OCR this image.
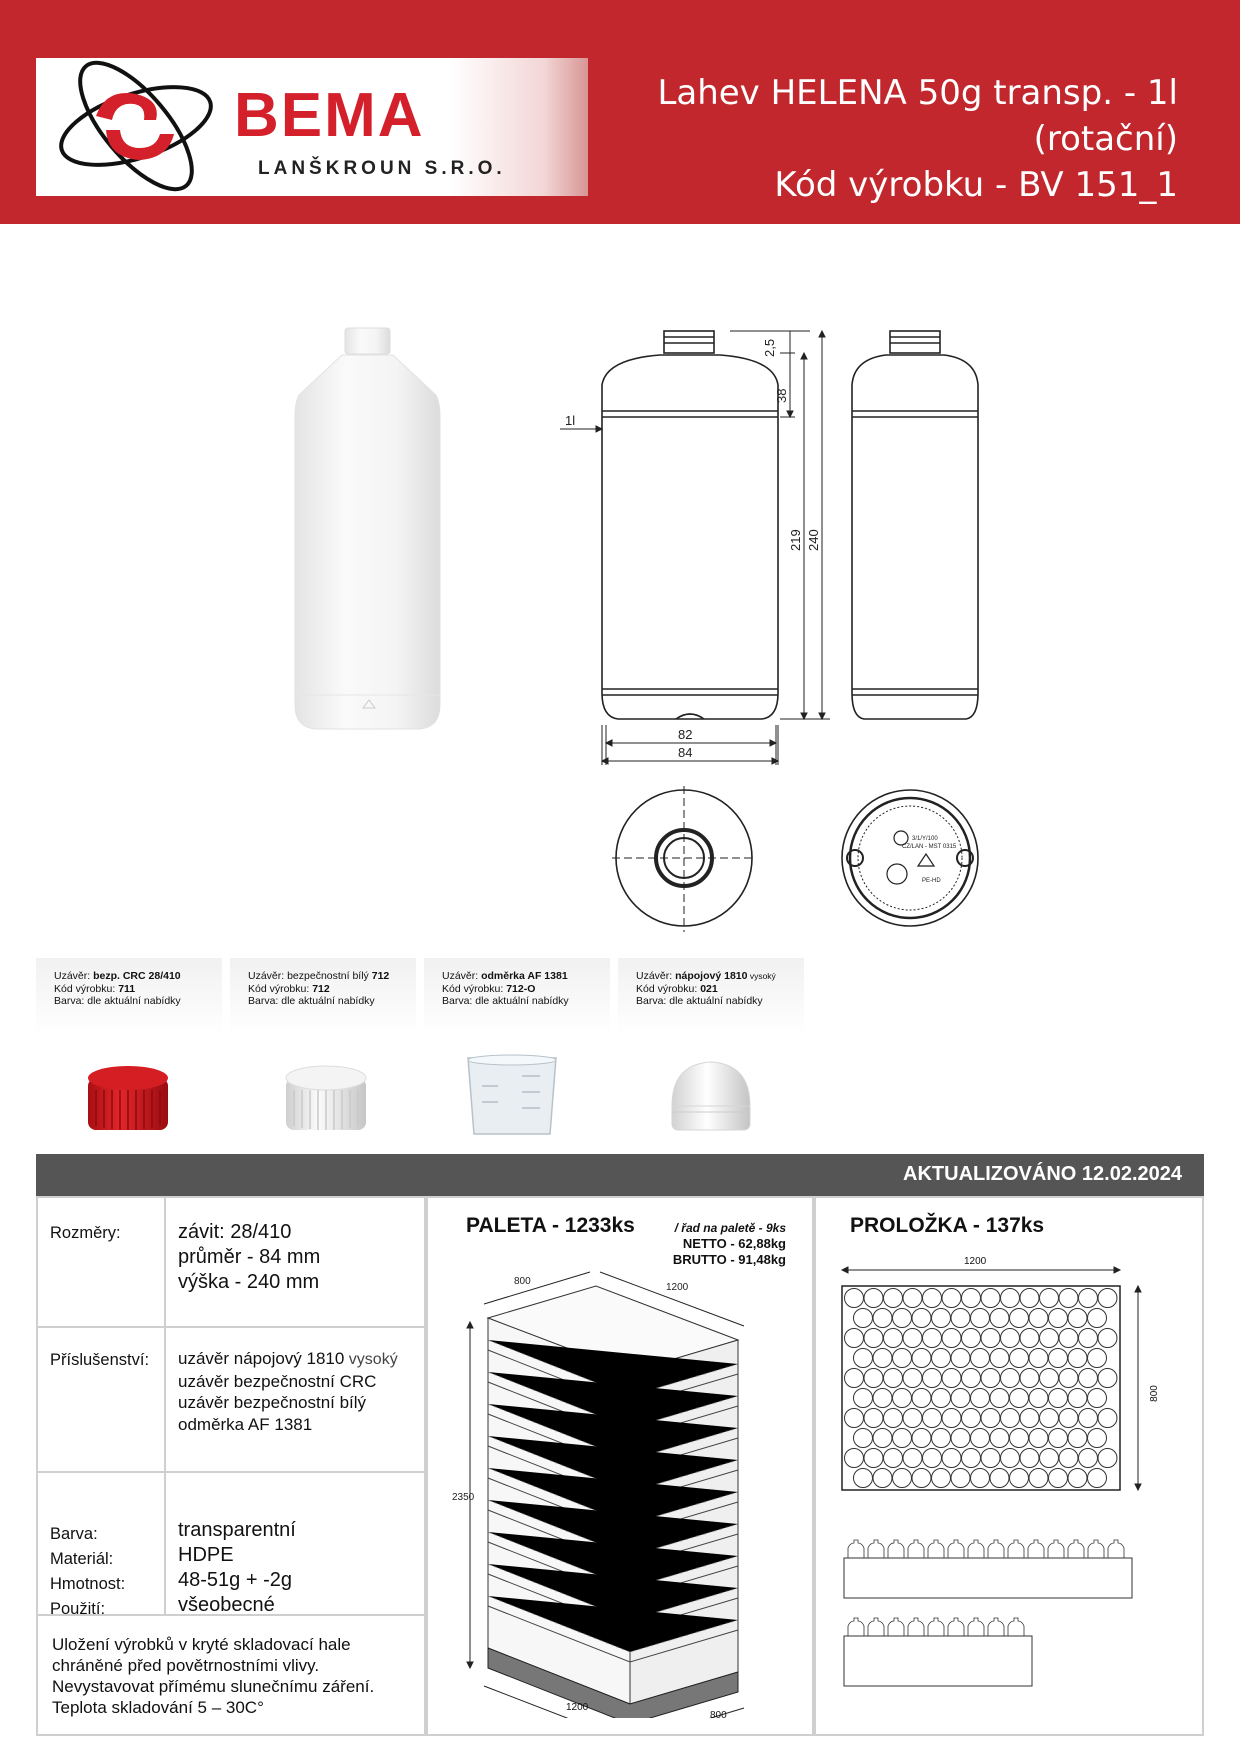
BEMA
LANŠKROUN S.R.O.
Lahev HELENA 50g transp. - 1l
(rotační)
Kód výrobku - BV 151_1
1l
2,5
38
219 240
82
84
3/1/Y/100
CZ/LAN - MST 0315
PE-HD
Uzávěr: bezp. CRC 28/410
Kód výrobku: 711
Barva: dle aktuální nabídky
Uzávěr: bezpečnostní bílý 712
Kód výrobku: 712
Barva: dle aktuální nabídky
Uzávěr: odměrka AF 1381
Kód výrobku: 712-O
Barva: dle aktuální nabídky
Uzávěr: nápojový 1810 vysoký
Kód výrobku: 021
Barva: dle aktuální nabídky
AKTUALIZOVÁNO 12.02.2024
Rozměry:	závit: 28/410
průměr - 84 mm
výška - 240 mm
Příslušenství: uzávěr nápojový 1810 vysoký
uzávěr bezpečnostní CRC
uzávěr bezpečnostní bílý
odměrka AF 1381
Barva:
Materiál:
Hmotnost:
Použití:
transparentní
HDPE
48-51g + -2g
všeobecné
Uložení výrobků v kryté skladovací hale
chráněné před povětrnostními vlivy.
Nevystavovat přímému slunečnímu záření.
Teplota skladování 5 – 30C°
PALETA - 1233ks	/ řad na paletě - 9ks
NETTO - 62,88kg
BRUTTO - 91,48kg
800
1200
2350
1200
800
PROLOŽKA - 137ks
1200
800
